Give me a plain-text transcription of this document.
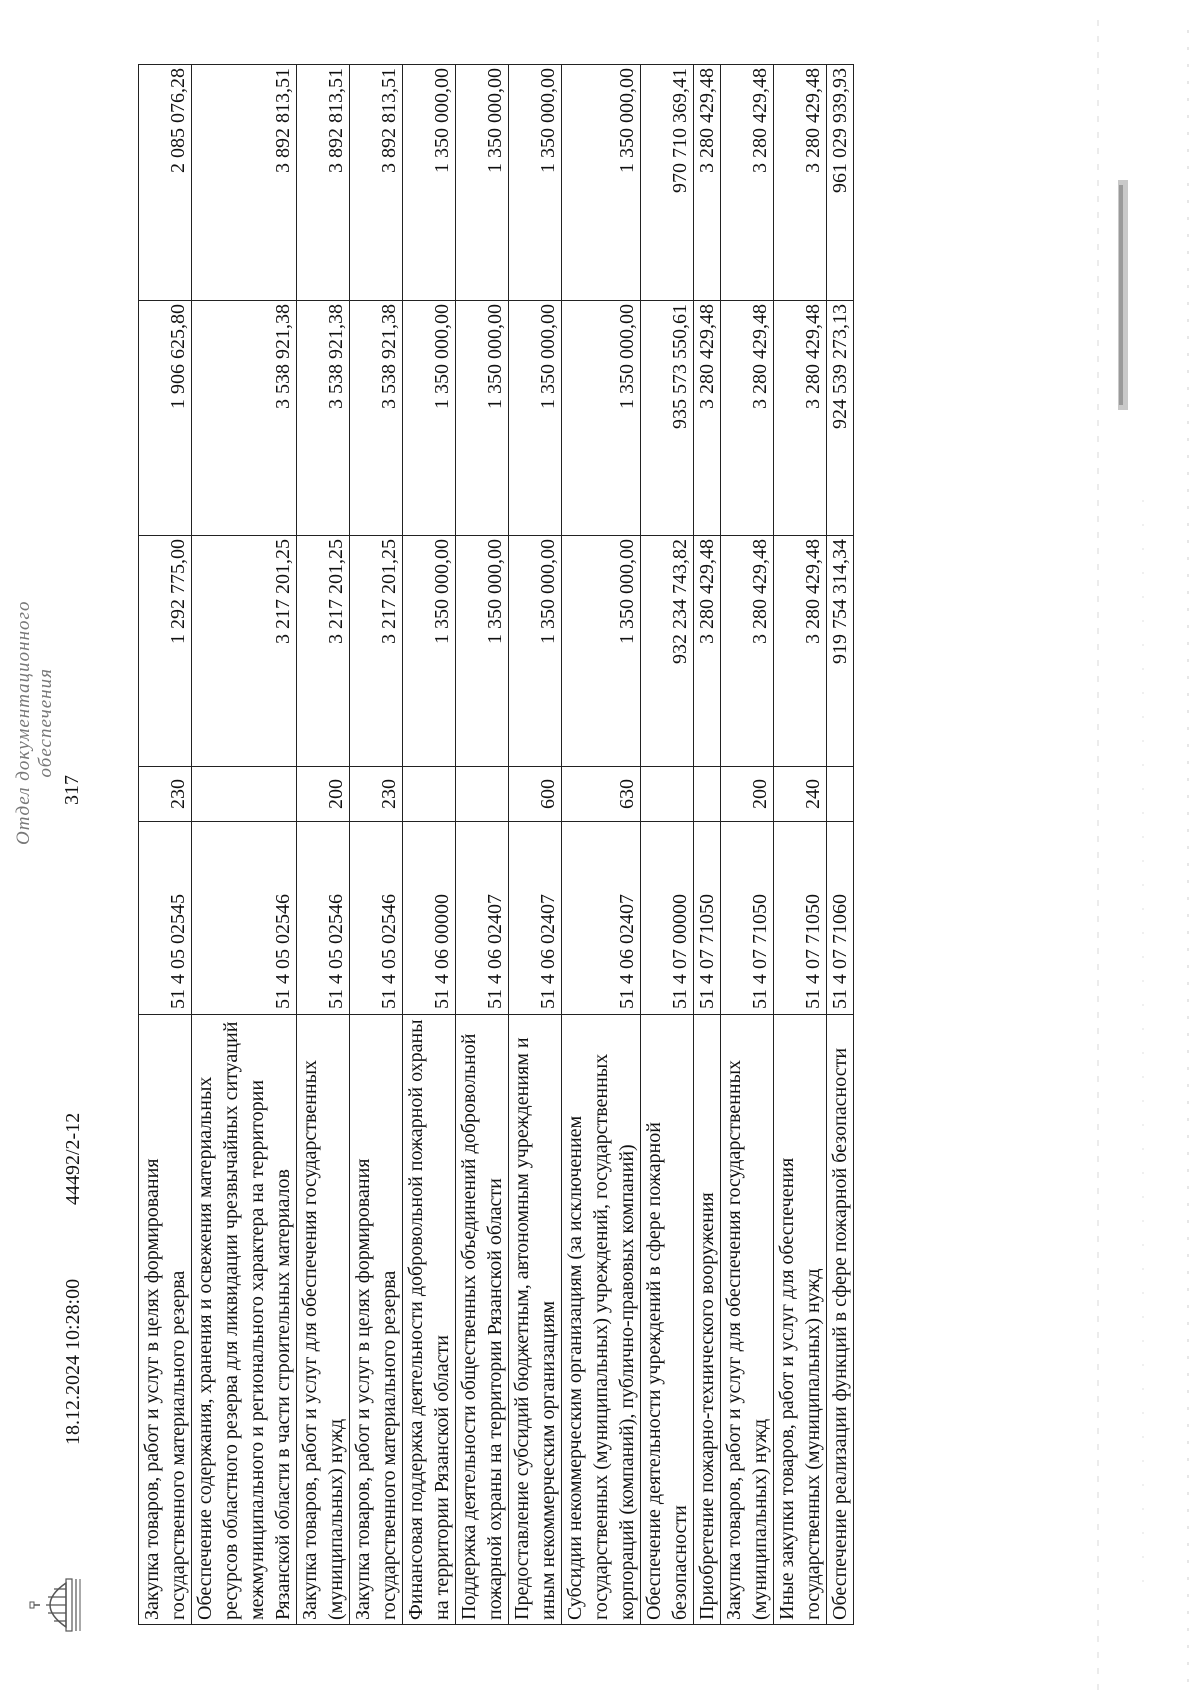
317
Отдел документационного обеспечения
18.12.2024 10:28:00
44492/2-12	Закупка товаров, работ и услуг в целях формирования государственного материального резерва	51 4 05 02545	230	1 292 775,00	1 906 625,80	2 085 076,28
Обеспечение содержания, хранения и освежения материальных ресурсов областного резерва для ликвидации чрезвычайных ситуаций межмуниципального и регионального характера на территории Рязанской области в части строительных материалов	51 4 05 02546		3 217 201,25	3 538 921,38	3 892 813,51
Закупка товаров, работ и услуг для обеспечения государственных (муниципальных) нужд	51 4 05 02546	200	3 217 201,25	3 538 921,38	3 892 813,51
Закупка товаров, работ и услуг в целях формирования государственного материального резерва	51 4 05 02546	230	3 217 201,25	3 538 921,38	3 892 813,51
Финансовая поддержка деятельности добровольной пожарной охраны на территории Рязанской области	51 4 06 00000		1 350 000,00	1 350 000,00	1 350 000,00
Поддержка деятельности общественных объединений добровольной пожарной охраны на территории Рязанской области	51 4 06 02407		1 350 000,00	1 350 000,00	1 350 000,00
Предоставление субсидий бюджетным, автономным учреждениям и иным некоммерческим организациям	51 4 06 02407	600	1 350 000,00	1 350 000,00	1 350 000,00
Субсидии некоммерческим организациям (за исключением государственных (муниципальных) учреждений, государственных корпораций (компаний), публично-правовых компаний)	51 4 06 02407	630	1 350 000,00	1 350 000,00	1 350 000,00
Обеспечение деятельности учреждений в сфере пожарной безопасности	51 4 07 00000		932 234 743,82	935 573 550,61	970 710 369,41
Приобретение пожарно-технического вооружения	51 4 07 71050		3 280 429,48	3 280 429,48	3 280 429,48
Закупка товаров, работ и услуг для обеспечения государственных (муниципальных) нужд	51 4 07 71050	200	3 280 429,48	3 280 429,48	3 280 429,48
Иные закупки товаров, работ и услуг для обеспечения государственных (муниципальных) нужд	51 4 07 71050	240	3 280 429,48	3 280 429,48	3 280 429,48
Обеспечение реализации функций в сфере пожарной безопасности	51 4 07 71060		919 754 314,34	924 539 273,13	961 029 939,93
